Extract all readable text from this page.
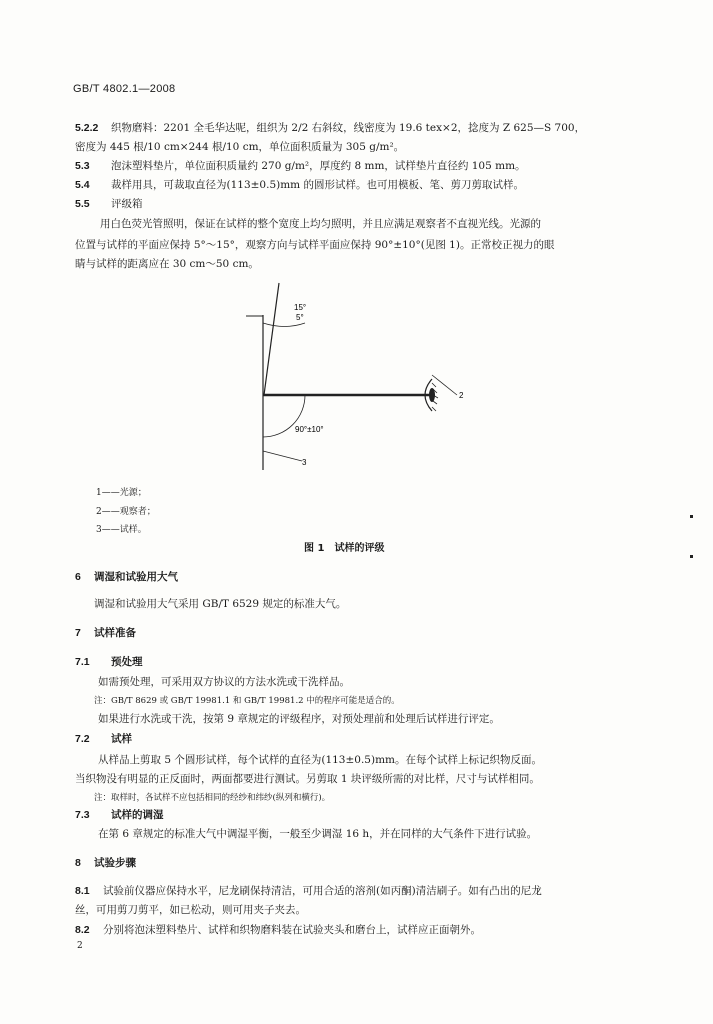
GB/T 4802.1—2008
5.2.2 织物磨料：2201 全毛华达呢，组织为 2/2 右斜纹，线密度为 19.6 tex×2，捻度为 Z 625—S 700，
密度为 445 根/10 cm×244 根/10 cm，单位面积质量为 305 g/m²。
5.3 泡沫塑料垫片，单位面积质量约 270 g/m²，厚度约 8 mm，试样垫片直径约 105 mm。
5.4 裁样用具，可裁取直径为(113±0.5)mm 的圆形试样。也可用模板、笔、剪刀剪取试样。
5.5 评级箱
用白色荧光管照明，保证在试样的整个宽度上均匀照明，并且应满足观察者不直视光线。光源的
位置与试样的平面应保持 5°～15°，观察方向与试样平面应保持 90°±10°(见图 1)。正常校正视力的眼
睛与试样的距离应在 30 cm～50 cm。
15°
5°
90°±10°
2
3
1——光源；
2——观察者；
3——试样。
图 1　试样的评级
6 调湿和试验用大气
调湿和试验用大气采用 GB/T 6529 规定的标准大气。
7 试样准备
7.1 预处理
如需预处理，可采用双方协议的方法水洗或干洗样品。
注：GB/T 8629 或 GB/T 19981.1 和 GB/T 19981.2 中的程序可能是适合的。
如果进行水洗或干洗，按第 9 章规定的评级程序，对预处理前和处理后试样进行评定。
7.2 试样
从样品上剪取 5 个圆形试样，每个试样的直径为(113±0.5)mm。在每个试样上标记织物反面。
当织物没有明显的正反面时，两面都要进行测试。另剪取 1 块评级所需的对比样，尺寸与试样相同。
注：取样时，各试样不应包括相同的经纱和纬纱(纵列和横行)。
7.3 试样的调湿
在第 6 章规定的标准大气中调湿平衡，一般至少调湿 16 h，并在同样的大气条件下进行试验。
8 试验步骤
8.1 试验前仪器应保持水平，尼龙刷保持清洁，可用合适的溶剂(如丙酮)清洁刷子。如有凸出的尼龙
丝，可用剪刀剪平，如已松动，则可用夹子夹去。
8.2 分别将泡沫塑料垫片、试样和织物磨料装在试验夹头和磨台上，试样应正面朝外。
2
